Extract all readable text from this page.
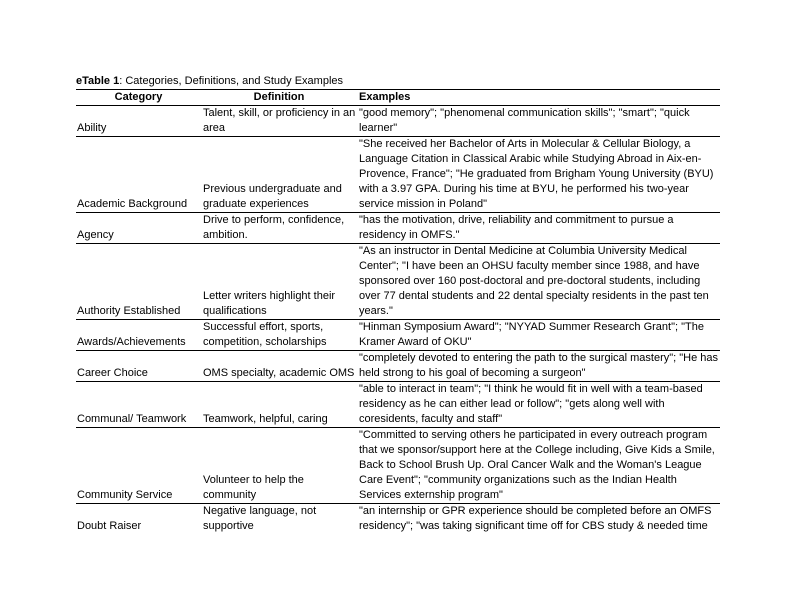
eTable 1: Categories, Definitions, and Study Examples

Category	Definition	Examples
Ability	Talent, skill, or proficiency in an area	"good memory"; "phenomenal communication skills"; "smart"; "quick learner"
Academic Background	Previous undergraduate and graduate experiences	"She received her Bachelor of Arts in Molecular & Cellular Biology, a Language Citation in Classical Arabic while Studying Abroad in Aix-en-Provence, France"; "He graduated from Brigham Young University (BYU) with a 3.97 GPA. During his time at BYU, he performed his two-year service mission in Poland"
Agency	Drive to perform, confidence, ambition.	"has the motivation, drive, reliability and commitment to pursue a residency in OMFS."
Authority Established	Letter writers highlight their qualifications	"As an instructor in Dental Medicine at Columbia University Medical Center"; "I have been an OHSU faculty member since 1988, and have sponsored over 160 post-doctoral and pre-doctoral students, including over 77 dental students and 22 dental specialty residents in the past ten years."
Awards/Achievements	Successful effort, sports, competition, scholarships	"Hinman Symposium Award"; "NYYAD Summer Research Grant"; "The Kramer Award of OKU"
Career Choice	OMS specialty, academic OMS	"completely devoted to entering the path to the surgical mastery"; "He has held strong to his goal of becoming a surgeon"
Communal/ Teamwork	Teamwork, helpful, caring	"able to interact in team"; "I think he would fit in well with a team-based residency as he can either lead or follow"; "gets along well with coresidents, faculty and staff"
Community Service	Volunteer to help the community	"Committed to serving others he participated in every outreach program that we sponsor/support here at the College including, Give Kids a Smile, Back to School Brush Up. Oral Cancer Walk and the Woman's League Care Event"; "community organizations such as the Indian Health Services externship program"
Doubt Raiser	Negative language, not supportive	"an internship or GPR experience should be completed before an OMFS residency"; "was taking significant time off for CBS study & needed time
